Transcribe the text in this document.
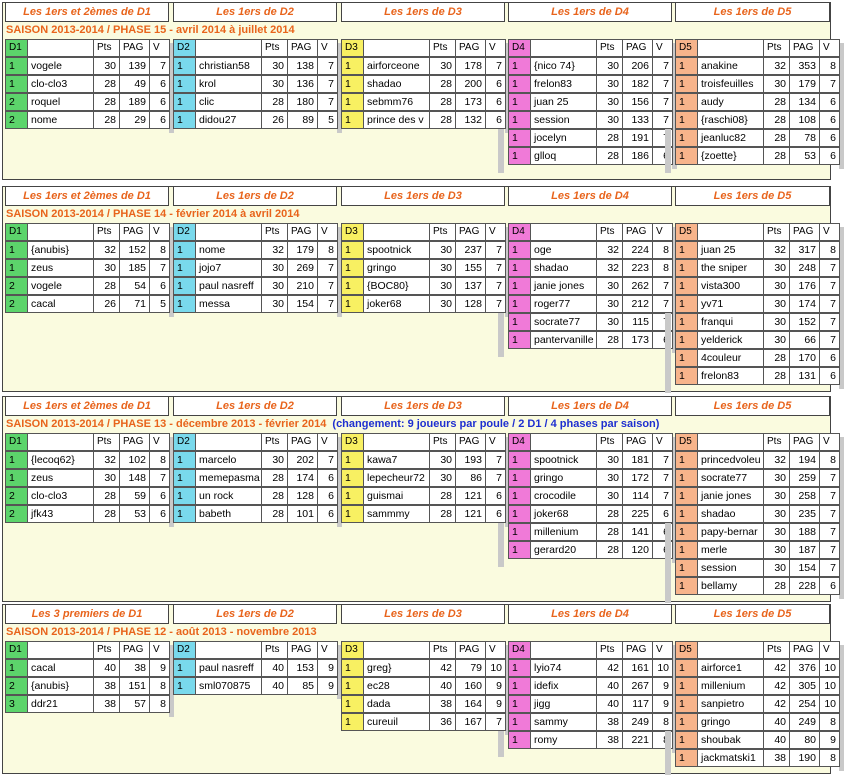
Les 1ers et 2èmes de D1	Les 1ers de D2	Les 1ers de D3	Les 1ers de D4	Les 1ers de D5
SAISON 2013-2014 / PHASE 15 - avril 2014 à juillet 2014
D1	Pts	PAG V
1	vogele	30	139	7
1	clo-clo3	28	49	6
2	roquel	28	189	6
2	nome	28	29	6
D2	Pts	PAG V
1	christian58	30	138	7
1	krol	30	136	7
1	clic	28	180	7
1	didou27	26	89	5
D3	Pts	PAG V
1	airforceone	30	178	7
1	shadao	28	200	6
1	sebmm76	28	173	6
1	prince des v	28	132	6
D4	Pts	PAG V
1	{nico 74}	30	206	7
1	frelon83	30	182	7
1	juan 25	30	156	7
1	session	30	133	7
1	jocelyn	28	191
1	glloq	28	186
D5	Pts	PAG V
1	anakine	32	353	8
1	troisfeuilles	30	179	7
1	audy	28	134	6
1	{raschi08}	28	108	6
1	jeanluc82	28	78	6
1	{zoette}	28	53	6
Les 1ers et 2èmes de D1	Les 1ers de D2	Les 1ers de D3	Les 1ers de D4	Les 1ers de D5
SAISON 2013-2014 / PHASE 14 - février 2014 à avril 2014
D1	Pts	PAG V
1	{anubis}	32	152	8
1	zeus	30	185	7
2	vogele	28	54	6
2	cacal	26	71	5
D2	Pts	PAG V
1	nome	32	179	8
1	jojo7	30	269	7
1	paul nasreff	30	210	7
1	messa	30	154	7
D3	Pts	PAG V
1	spootnick	30	237	7
1	gringo	30	155	7
1	{BOC80}	30	137	7
1	joker68	30	128	7
D4	Pts	PAG V
1	oge	32	224	8
1	shadao	32	223	8
1	janie jones	30	262	7
1	roger77	30	212	7
1	socrate77	30	115
1	pantervanille	28	173
D5	Pts	PAG V
1	juan 25	32	317	8
1	the sniper	30	248	7
1	vista300	30	176	7
1	yv71	30	174	7
1	franqui	30	152	7
1	yelderick	30	66	7
1	4couleur	28	170	6
1	frelon83	28	131	6
Les 1ers et 2èmes de D1	Les 1ers de D2	Les 1ers de D3	Les 1ers de D4	Les 1ers de D5
SAISON 2013-2014 / PHASE 13 - décembre 2013 - février 2014 (changement: 9 joueurs par poule / 2 D1 / 4 phases par saison)
D1	Pts	PAG V
1	{lecoq62}	32	102	8
1	zeus	30	148	7
2	clo-clo3	28	59	6
2	jfk43	28	53	6
D2	Pts	PAG V
1	marcelo	30	202	7
1	memepasma	28	174	6
1	un rock	28	128	6
1	babeth	28	101	6
D3	Pts	PAG V
1	kawa7	30	193	7
1	lepecheur72	30	86	7
1	guismai	28	121	6
1	sammmy	28	121	6
D4	Pts	PAG V
1	spootnick	30	181	7
1	gringo	30	172	7
1	crocodile	30	114	7
1	joker68	28	225	6
1	millenium	28	141
1	gerard20	28	120
D5	Pts	PAG V
1	princedvoleu	32	194	8
1	socrate77	30	259	7
1	janie jones	30	258	7
1	shadao	30	235	7
1	papy-bernar	30	188	7
1	merle	30	187	7
1	session	30	154	7
1	bellamy	28	228	6
Les 3 premiers de D1	Les 1ers de D2	Les 1ers de D3	Les 1ers de D4	Les 1ers de D5
SAISON 2013-2014 / PHASE 12 - août 2013 - novembre 2013
D1	Pts	PAG V
1	cacal	40	38	9
2	{anubis}	38	151	8
3	ddr21	38	57	8
D2	Pts	PAG V
1	paul nasreff	40	153	9
1	sml070875	40	85	9
D3	Pts	PAG V
1	greg}	42	79 10
1	ec28	40	160	9
1	dada	38	164	9
1	cureuil	36	167	7
D4	Pts	PAG V
1	lyio74	42	161 10
1	idefix	40	267	9
1	jigg	40	117	9
1	sammy	38	249	8
1	romy	38	221
D5	Pts	PAG V
1	airforce1	42	376 10
1	millenium	42	305 10
1	sanpietro	42	254 10
1	gringo	40	249	8
1	shoubak	40	80	9
1	jackmatski1	38	190	8
